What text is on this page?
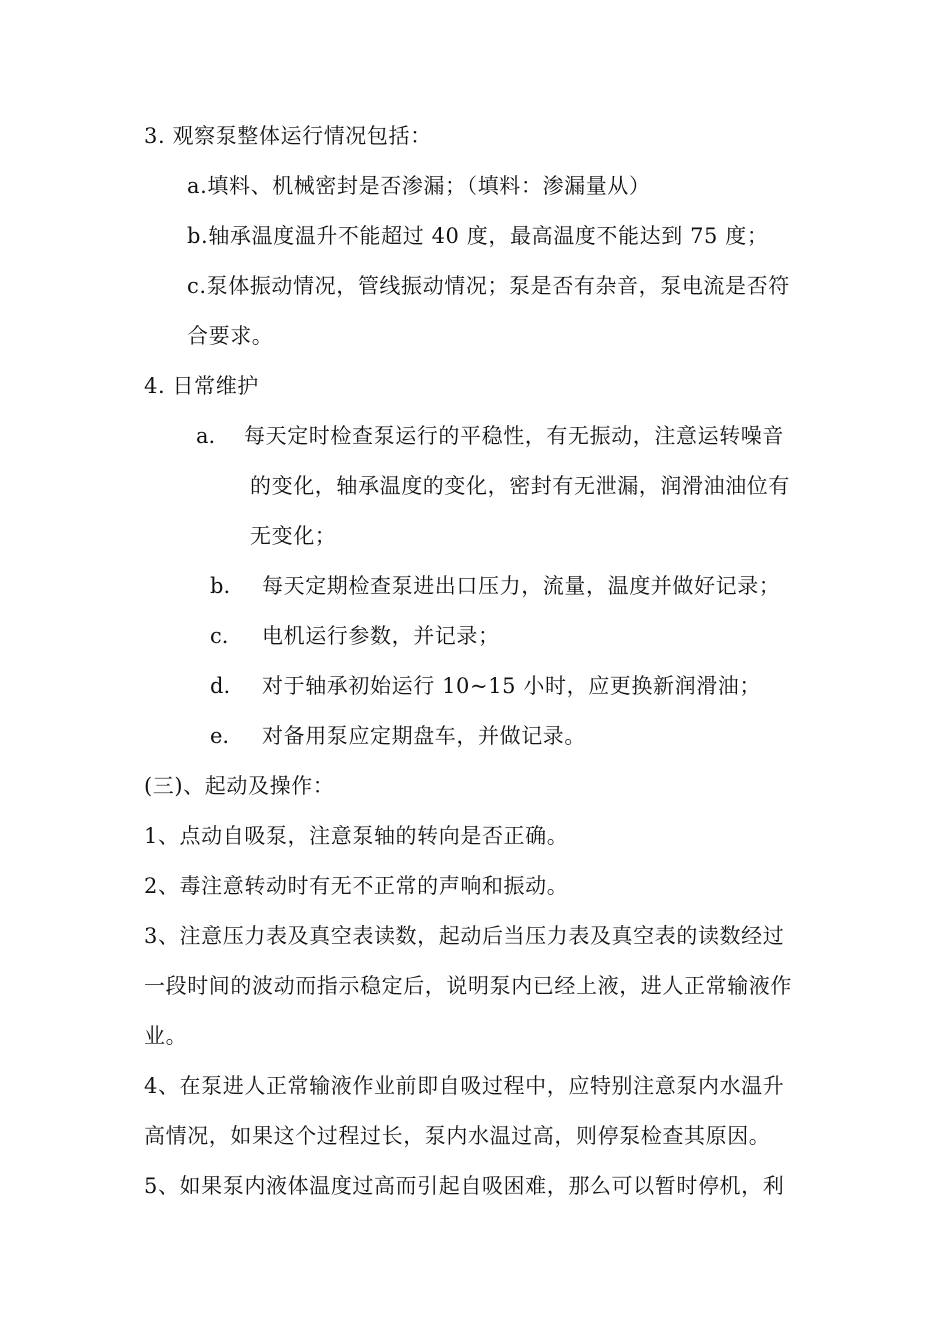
3. 观察泵整体运行情况包括：
a.填料、机械密封是否渗漏；（填料：渗漏量从）
b.轴承温度温升不能超过 40 度，最高温度不能达到 75 度；
c.泵体振动情况，管线振动情况；泵是否有杂音，泵电流是否符
合要求。
4. 日常维护
a. 每天定时检查泵运行的平稳性，有无振动，注意运转噪音
的变化，轴承温度的变化，密封有无泄漏，润滑油油位有
无变化；
b. 每天定期检查泵进出口压力，流量，温度并做好记录；
c. 电机运行参数，并记录；
d. 对于轴承初始运行 10~15 小时，应更换新润滑油；
e. 对备用泵应定期盘车，并做记录。
(三)、起动及操作：
1、点动自吸泵，注意泵轴的转向是否正确。
2、毒注意转动时有无不正常的声响和振动。
3、注意压力表及真空表读数，起动后当压力表及真空表的读数经过
一段时间的波动而指示稳定后，说明泵内已经上液，进人正常输液作
业。
4、在泵进人正常输液作业前即自吸过程中，应特别注意泵内水温升
高情况，如果这个过程过长，泵内水温过高，则停泵检查其原因。
5、如果泵内液体温度过高而引起自吸困难，那么可以暂时停机，利
